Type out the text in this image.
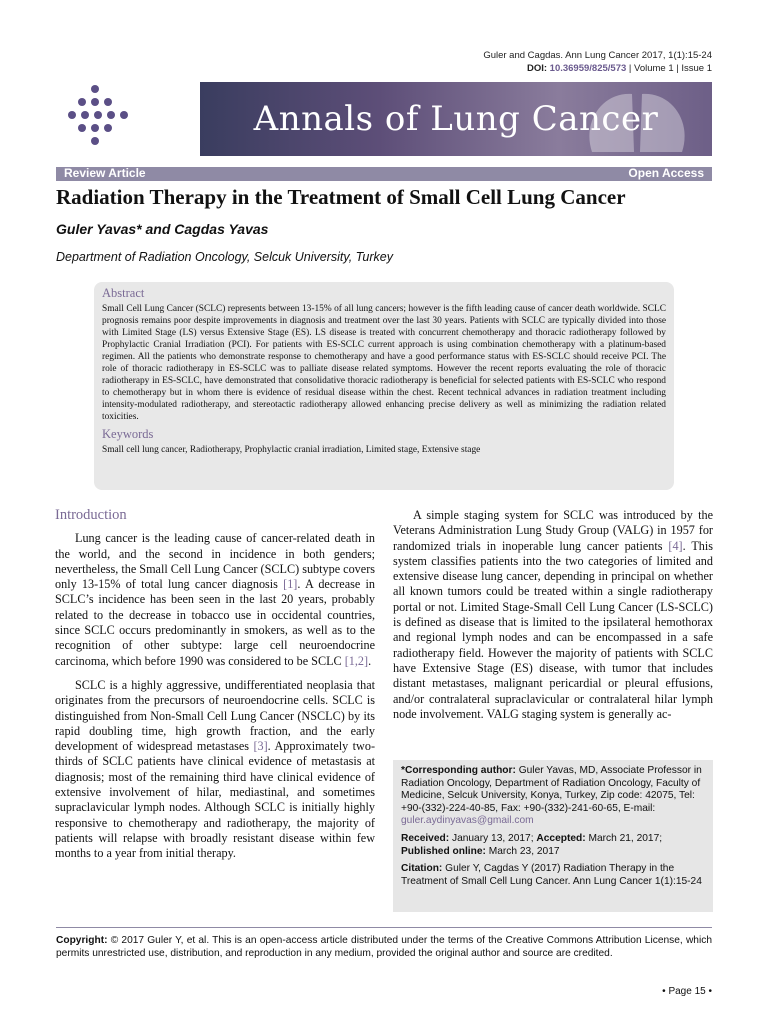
Guler and Cagdas. Ann Lung Cancer 2017, 1(1):15-24
DOI: 10.36959/825/573 | Volume 1 | Issue 1
Annals of Lung Cancer
Review Article	Open Access
Radiation Therapy in the Treatment of Small Cell Lung Cancer
Guler Yavas* and Cagdas Yavas
Department of Radiation Oncology, Selcuk University, Turkey
Abstract
Small Cell Lung Cancer (SCLC) represents between 13-15% of all lung cancers; however is the fifth leading cause of cancer death worldwide. SCLC prognosis remains poor despite improvements in diagnosis and treatment over the last 30 years. Patients with SCLC are typically divided into those with Limited Stage (LS) versus Extensive Stage (ES). LS disease is treated with concurrent chemotherapy and thoracic radiotherapy followed by Prophylactic Cranial Irradiation (PCI). For patients with ES-SCLC current approach is using combination chemotherapy with a platinum-based regimen. All the patients who demonstrate response to chemotherapy and have a good performance status with ES-SCLC should receive PCI. The role of thoracic radiotherapy in ES-SCLC was to palliate disease related symptoms. However the recent reports evaluating the role of thoracic radiotherapy in ES-SCLC, have demonstrated that consolidative thoracic radiotherapy is beneficial for selected patients with ES-SCLC who respond to chemotherapy but in whom there is evidence of residual disease within the chest. Recent technical advances in radiation treatment including intensity-modulated radiotherapy, and stereotactic radiotherapy allowed enhancing precise delivery as well as minimizing the radiation related toxicities.
Keywords
Small cell lung cancer, Radiotherapy, Prophylactic cranial irradiation, Limited stage, Extensive stage
Introduction

Lung cancer is the leading cause of cancer-related death in the world, and the second in incidence in both genders; nevertheless, the Small Cell Lung Cancer (SCLC) subtype covers only 13-15% of total lung cancer diagnosis [1]. A decrease in SCLC’s incidence has been seen in the last 20 years, probably related to the decrease in tobacco use in occidental countries, since SCLC occurs predominantly in smokers, as well as to the recognition of other subtype: large cell neuroendocrine carcinoma, which before 1990 was considered to be SCLC [1,2].

SCLC is a highly aggressive, undifferentiated neoplasia that originates from the precursors of neuroendocrine cells. SCLC is distinguished from Non-Small Cell Lung Cancer (NSCLC) by its rapid doubling time, high growth fraction, and the early development of widespread metastases [3]. Approximately two-thirds of SCLC patients have clinical evidence of metastasis at diagnosis; most of the remaining third have clinical evidence of extensive involvement of hilar, mediastinal, and sometimes supraclavicular lymph nodes. Although SCLC is initially highly responsive to chemotherapy and radiotherapy, the majority of patients will relapse with broadly resistant disease within few months to a year from initial therapy.

A simple staging system for SCLC was introduced by the Veterans Administration Lung Study Group (VALG) in 1957 for randomized trials in inoperable lung cancer patients [4]. This system classifies patients into the two categories of limited and extensive disease lung cancer, depending in principal on whether all known tumors could be treated within a single radiotherapy portal or not. Limited Stage-Small Cell Lung Cancer (LS-SCLC) is defined as disease that is limited to the ipsilateral hemothorax and regional lymph nodes and can be encompassed in a safe radiotherapy field. However the majority of patients with SCLC have Extensive Stage (ES) disease, with tumor that includes distant metastases, malignant pericardial or pleural effusions, and/or contralateral supraclavicular or contralateral hilar lymph node involvement. VALG staging system is generally ac-

*Corresponding author: Guler Yavas, MD, Associate Professor in Radiation Oncology, Department of Radiation Oncology, Faculty of Medicine, Selcuk University, Konya, Turkey, Zip code: 42075, Tel: +90-(332)-224-40-85, Fax: +90-(332)-241-60-65, E-mail: guler.aydinyavas@gmail.com

Received: January 13, 2017; Accepted: March 21, 2017;
Published online: March 23, 2017

Citation: Guler Y, Cagdas Y (2017) Radiation Therapy in the Treatment of Small Cell Lung Cancer. Ann Lung Cancer 1(1):15-24

Copyright: © 2017 Guler Y, et al. This is an open-access article distributed under the terms of the Creative Commons Attribution License, which permits unrestricted use, distribution, and reproduction in any medium, provided the original author and source are credited.
• Page 15 •
